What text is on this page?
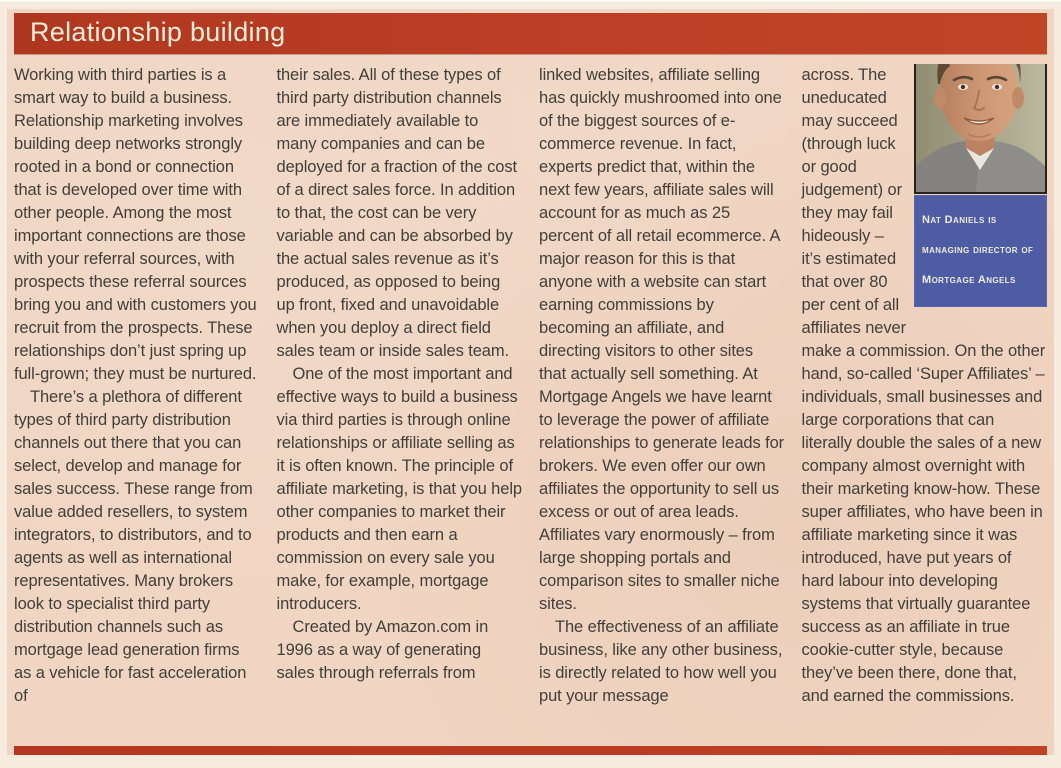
Relationship building

Working with third parties is a smart way to build a business. Relationship marketing involves building deep networks strongly rooted in a bond or connection that is developed over time with other people. Among the most important connections are those with your referral sources, with prospects these referral sources bring you and with customers you recruit from the prospects. These relationships don’t just spring up full-grown; they must be nurtured.

There’s a plethora of different types of third party distribution channels out there that you can select, develop and manage for sales success. These range from value added resellers, to system integrators, to distributors, and to agents as well as international representatives. Many brokers look to specialist third party distribution channels such as mortgage lead generation firms as a vehicle for fast acceleration of

their sales. All of these types of third party distribution channels are immediately available to many companies and can be deployed for a fraction of the cost of a direct sales force. In addition to that, the cost can be very variable and can be absorbed by the actual sales revenue as it’s produced, as opposed to being up front, fixed and unavoidable when you deploy a direct field sales team or inside sales team.

One of the most important and effective ways to build a business via third parties is through online relationships or affiliate selling as it is often known. The principle of affiliate marketing, is that you help other companies to market their products and then earn a commission on every sale you make, for example, mortgage introducers.

Created by Amazon.com in 1996 as a way of generating sales through referrals from

linked websites, affiliate selling has quickly mushroomed into one of the biggest sources of e-commerce revenue. In fact, experts predict that, within the next few years, affiliate sales will account for as much as 25 percent of all retail ecommerce. A major reason for this is that anyone with a website can start earning commissions by becoming an affiliate, and directing visitors to other sites that actually sell something. At Mortgage Angels we have learnt to leverage the power of affiliate relationships to generate leads for brokers. We even offer our own affiliates the opportunity to sell us excess or out of area leads. Affiliates vary enormously – from large shopping portals and comparison sites to smaller niche sites.

The effectiveness of an affiliate business, like any other business, is directly related to how well you put your message

Nat Daniels is managing director of Mortgage Angels

across. The uneducated may succeed (through luck or good judgement) or they may fail hideously – it’s estimated that over 80 per cent of all affiliates never make a commission. On the other hand, so-called ‘Super Affiliates’ – individuals, small businesses and large corporations that can literally double the sales of a new company almost overnight with their marketing know-how. These super affiliates, who have been in affiliate marketing since it was introduced, have put years of hard labour into developing systems that virtually guarantee success as an affiliate in true cookie-cutter style, because they’ve been there, done that, and earned the commissions.
